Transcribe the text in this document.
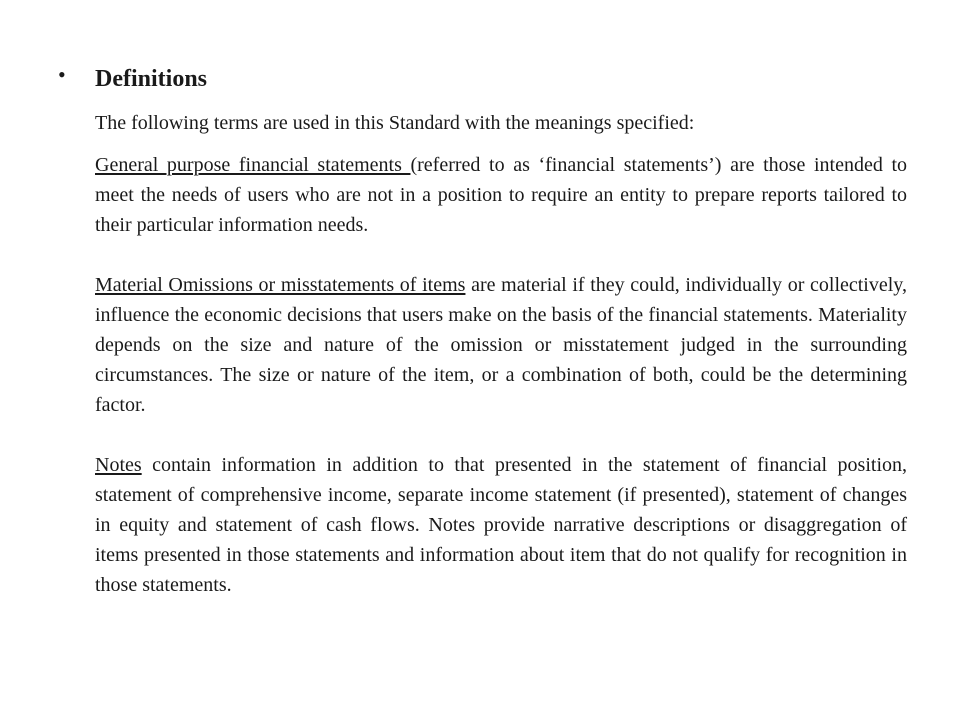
• Definitions

The following terms are used in this Standard with the meanings specified:

General purpose financial statements (referred to as ‘financial statements’) are those intended to meet the needs of users who are not in a position to require an entity to prepare reports tailored to their particular information needs.

Material Omissions or misstatements of items are material if they could, individually or collectively, influence the economic decisions that users make on the basis of the financial statements. Materiality depends on the size and nature of the omission or misstatement judged in the surrounding circumstances. The size or nature of the item, or a combination of both, could be the determining factor.

Notes contain information in addition to that presented in the statement of financial position, statement of comprehensive income, separate income statement (if presented), statement of changes in equity and statement of cash flows. Notes provide narrative descriptions or disaggregation of items presented in those statements and information about item that do not qualify for recognition in those statements.
